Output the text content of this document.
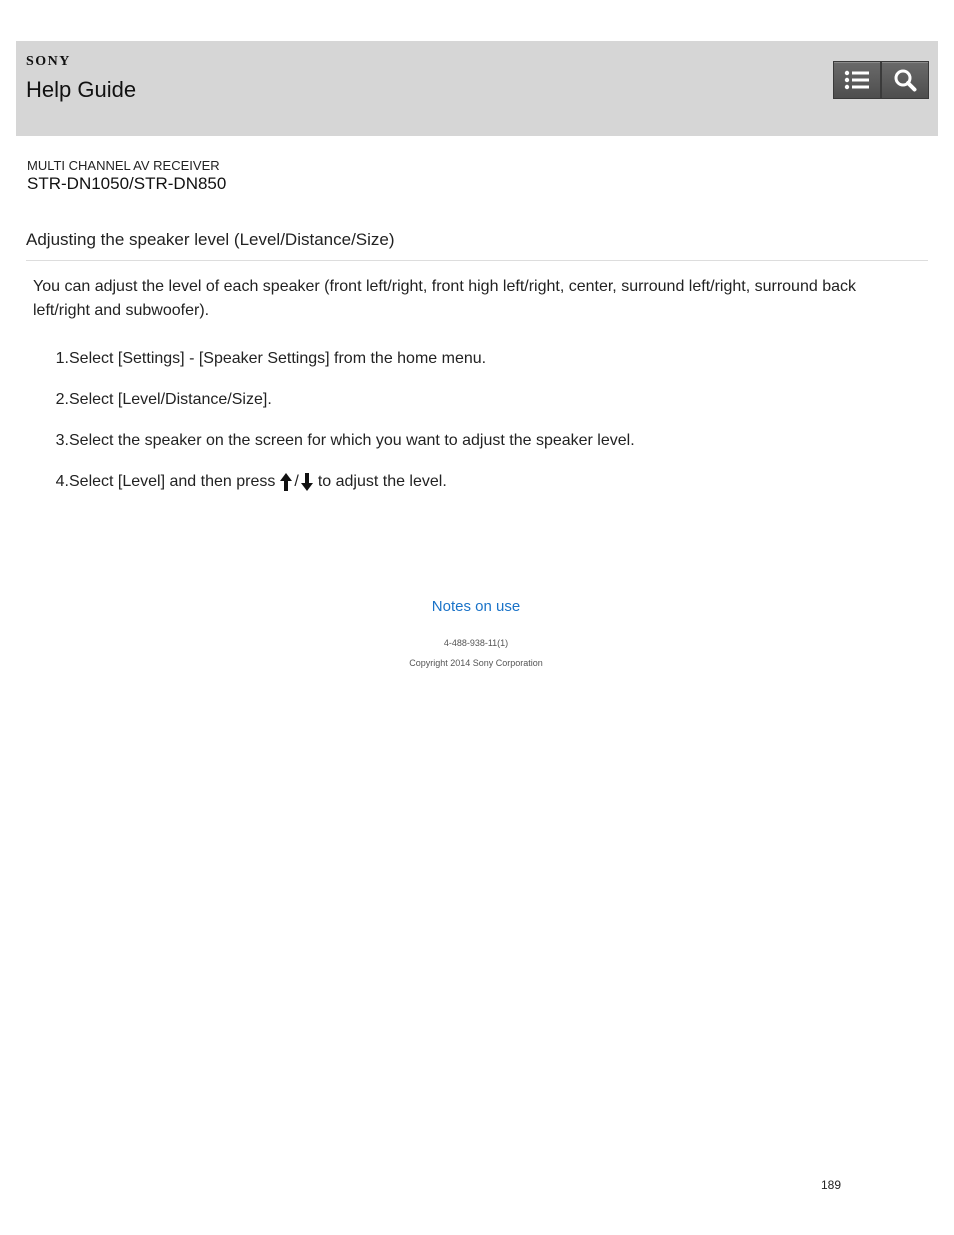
SONY
Help Guide
MULTI CHANNEL AV RECEIVER
STR-DN1050/STR-DN850
Adjusting the speaker level (Level/Distance/Size)
You can adjust the level of each speaker (front left/right, front high left/right, center, surround left/right, surround back left/right and subwoofer).
1. Select [Settings] - [Speaker Settings] from the home menu.
2. Select [Level/Distance/Size].
3. Select the speaker on the screen for which you want to adjust the speaker level.
4. Select [Level] and then press / to adjust the level.
Notes on use
4-488-938-11(1)
Copyright 2014 Sony Corporation
189
